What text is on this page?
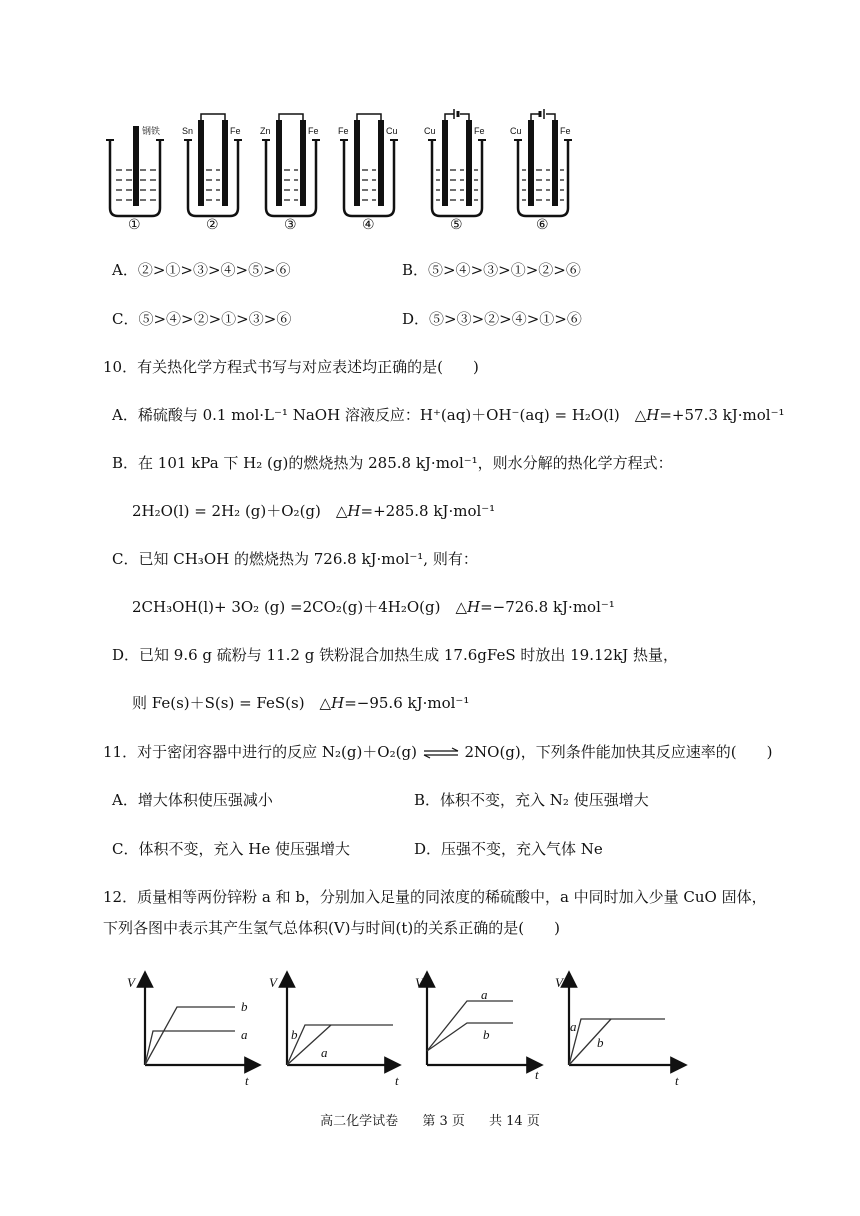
钢铁
①
Sn	Fe
②
Zn	Fe
③
Fe	Cu
④
Cu	Fe
⑤
Cu	Fe
⑥
A．②>①>③>④>⑤>⑥	B．⑤>④>③>①>②>⑥
C．⑤>④>②>①>③>⑥	D．⑤>③>②>④>①>⑥
10．有关热化学方程式书写与对应表述均正确的是(　　)
A．稀硫酸与 0.1 mol·L⁻¹ NaOH 溶液反应：H⁺(aq)＋OH⁻(aq) = H₂O(l)　△H=+57.3 kJ·mol⁻¹
B．在 101 kPa 下 H₂ (g)的燃烧热为 285.8 kJ·mol⁻¹，则水分解的热化学方程式：
2H₂O(l) = 2H₂ (g)＋O₂(g)　△H=+285.8 kJ·mol⁻¹
C．已知 CH₃OH 的燃烧热为 726.8 kJ·mol⁻¹, 则有：
2CH₃OH(l)+ 3O₂ (g) =2CO₂(g)＋4H₂O(g)　△H=−726.8 kJ·mol⁻¹
D．已知 9.6 g 硫粉与 11.2 g 铁粉混合加热生成 17.6gFeS 时放出 19.12kJ 热量，
则 Fe(s)＋S(s) = FeS(s)　△H=−95.6 kJ·mol⁻¹
11．对于密闭容器中进行的反应 N₂(g)＋O₂(g) ⇌ 2NO(g)，下列条件能加快其反应速率的(　　)
A．增大体积使压强减小	B．体积不变，充入 N₂ 使压强增大
C．体积不变，充入 He 使压强增大	D．压强不变，充入气体 Ne
12．质量相等两份锌粉 a 和 b，分别加入足量的同浓度的稀硫酸中，a 中同时加入少量 CuO 固体，
下列各图中表示其产生氢气总体积(V)与时间(t)的关系正确的是(　　)
V
t
b
a
V
t
b
a
V
t
a
b
V
t
a
b
高二化学试卷 第 3 页 共 14 页
